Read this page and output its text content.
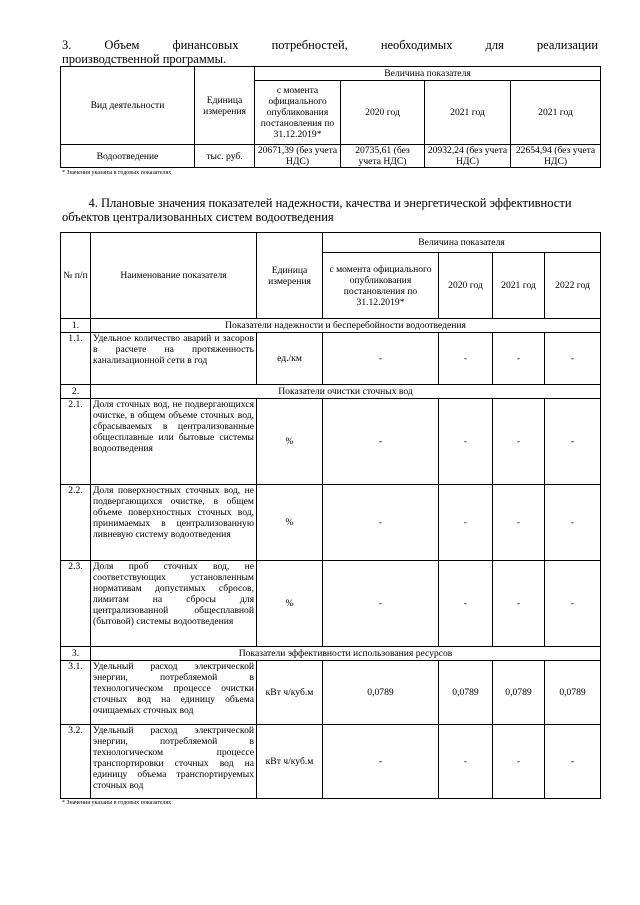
3.	Объем	финансовых	потребностей,	необходимых	для	реализации
производственной программы.
Вид деятельности	Единица измерения	Величина показателя			
		с момента официального опубликования постановления по 31.12.2019*	2020 год	2021 год	2021 год
Водоотведение	тыс. руб.	20671,39 (без учета НДС)	20735,61 (без учета НДС)	20932,24 (без учета НДС)	22654,94 (без учета НДС)
* Значения указаны в годовых показателях
4. Плановые значения показателей надежности, качества и энергетической эффективности
объектов централизованных систем водоотведения
№ п/п	Наименование показателя	Единица измерения	Величина показателя			
			с момента официального опубликования постановления по 31.12.2019*	2020 год	2021 год	2022 год
1.	Показатели надежности и бесперебойности водоотведения					
1.1.	Удельное количество аварий и засоров в расчете на протяженность канализационной сети в год	ед./км	-	-	-	-
2.	Показатели очистки сточных вод					
2.1.	Доля сточных вод, не подвергающихся очистке, в общем объеме сточных вод, сбрасываемых в централизованные общесплавные или бытовые системы водоотведения	%	-	-	-	-
2.2.	Доля поверхностных сточных вод, не подвергающихся очистке, в общем объеме поверхностных сточных вод, принимаемых в централизованную ливневую систему водоотведения	%	-	-	-	-
2.3.	Доля проб сточных вод, не соответствующих установленным нормативам допустимых сбросов, лимитам на сбросы для централизованной общесплавной (бытовой) системы водоотведения	%	-	-	-	-
3.	Показатели эффективности использования ресурсов					
3.1.	Удельный расход электрической энергии, потребляемой в технологическом процессе очистки сточных вод на единицу объема очищаемых сточных вод	кВт ч/куб.м	0,0789	0,0789	0,0789	0,0789
3.2.	Удельный расход электрической энергии, потребляемой в технологическом процессе транспортировки сточных вод на единицу объема транспортируемых сточных вод	кВт ч/куб.м	-	-	-	-
* Значения указаны в годовых показателях
